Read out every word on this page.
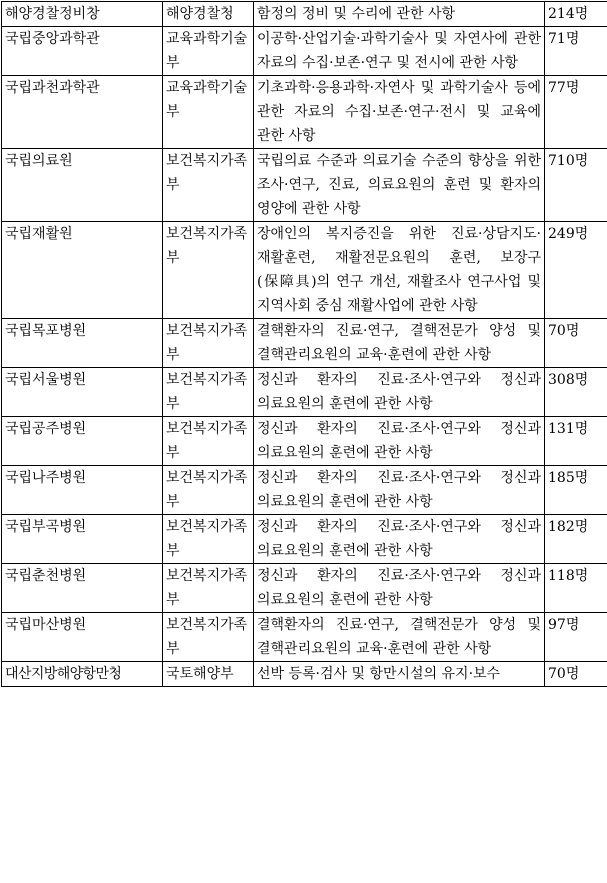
해양경찰정비창	해양경찰청	함정의 정비 및 수리에 관한 사항	214명
국립중앙과학관	교육과학기술부	이공학·산업기술·과학기술사 및 자연사에 관한 자료의 수집·보존·연구 및 전시에 관한 사항	71명
국립과천과학관	교육과학기술부	기초과학·응용과학·자연사 및 과학기술사 등에 관한 자료의 수집·보존·연구·전시 및 교육에 관한 사항	77명
국립의료원	보건복지가족부	국립의료 수준과 의료기술 수준의 향상을 위한 조사·연구, 진료, 의료요원의 훈련 및 환자의 영양에 관한 사항	710명
국립재활원	보건복지가족부	장애인의 복지증진을 위한 진료·상담지도·재활훈련, 재활전문요원의 훈련, 보장구(保障具)의 연구 개선, 재활조사 연구사업 및 지역사회 중심 재활사업에 관한 사항	249명
국립목포병원	보건복지가족부	결핵환자의 진료·연구, 결핵전문가 양성 및 결핵관리요원의 교육·훈련에 관한 사항	70명
국립서울병원	보건복지가족부	정신과 환자의 진료·조사·연구와 정신과 의료요원의 훈련에 관한 사항	308명
국립공주병원	보건복지가족부	정신과 환자의 진료·조사·연구와 정신과 의료요원의 훈련에 관한 사항	131명
국립나주병원	보건복지가족부	정신과 환자의 진료·조사·연구와 정신과 의료요원의 훈련에 관한 사항	185명
국립부곡병원	보건복지가족부	정신과 환자의 진료·조사·연구와 정신과 의료요원의 훈련에 관한 사항	182명
국립춘천병원	보건복지가족부	정신과 환자의 진료·조사·연구와 정신과 의료요원의 훈련에 관한 사항	118명
국립마산병원	보건복지가족부	결핵환자의 진료·연구, 결핵전문가 양성 및 결핵관리요원의 교육·훈련에 관한 사항	97명
대산지방해양항만청	국토해양부	선박 등록·검사 및 항만시설의 유지·보수	70명
